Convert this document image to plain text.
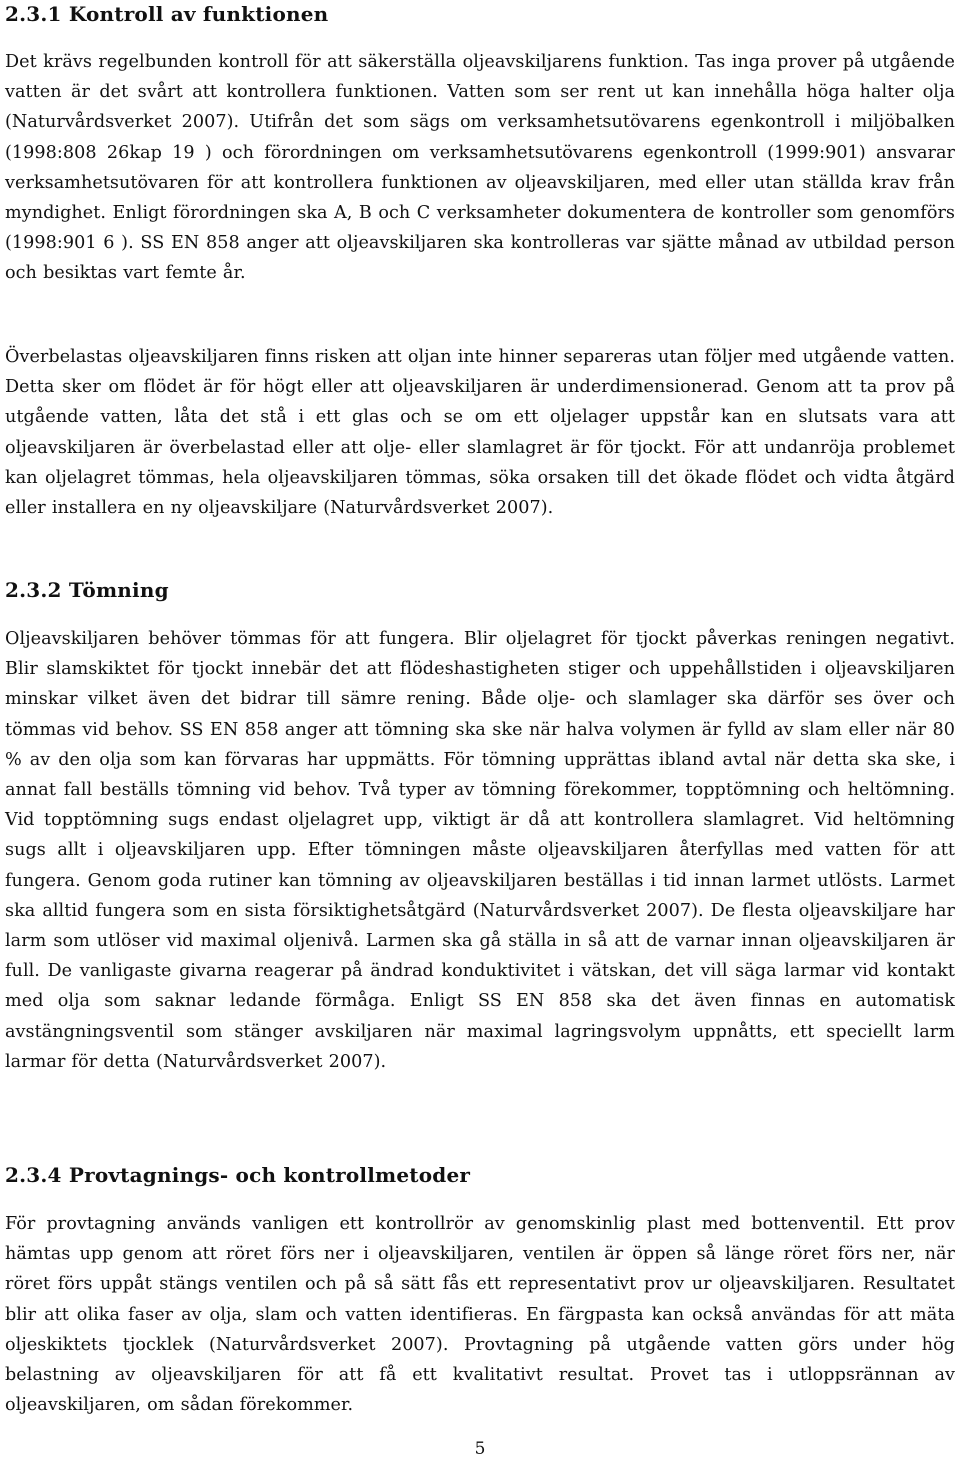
2.3.1 Kontroll av funktionen

Det krävs regelbunden kontroll för att säkerställa oljeavskiljarens funktion. Tas inga prover på utgående vatten är det svårt att kontrollera funktionen. Vatten som ser rent ut kan innehålla höga halter olja (Naturvårdsverket 2007). Utifrån det som sägs om verksamhetsutövarens egenkontroll i miljöbalken (1998:808 26kap 19 ) och förordningen om verksamhetsutövarens egenkontroll (1999:901) ansvarar verksamhetsutövaren för att kontrollera funktionen av oljeavskiljaren, med eller utan ställda krav från myndighet. Enligt förordningen ska A, B och C verksamheter dokumentera de kontroller som genomförs (1998:901 6 ). SS EN 858 anger att oljeavskiljaren ska kontrolleras var sjätte månad av utbildad person och besiktas vart femte år.

Överbelastas oljeavskiljaren finns risken att oljan inte hinner separeras utan följer med utgående vatten. Detta sker om flödet är för högt eller att oljeavskiljaren är underdimensionerad. Genom att ta prov på utgående vatten, låta det stå i ett glas och se om ett oljelager uppstår kan en slutsats vara att oljeavskiljaren är överbelastad eller att olje- eller slamlagret är för tjockt. För att undanröja problemet kan oljelagret tömmas, hela oljeavskiljaren tömmas, söka orsaken till det ökade flödet och vidta åtgärd eller installera en ny oljeavskiljare (Naturvårdsverket 2007).

2.3.2 Tömning

Oljeavskiljaren behöver tömmas för att fungera. Blir oljelagret för tjockt påverkas reningen negativt. Blir slamskiktet för tjockt innebär det att flödeshastigheten stiger och uppehållstiden i oljeavskiljaren minskar vilket även det bidrar till sämre rening. Både olje- och slamlager ska därför ses över och tömmas vid behov. SS EN 858 anger att tömning ska ske när halva volymen är fylld av slam eller när 80 % av den olja som kan förvaras har uppmätts. För tömning upprättas ibland avtal när detta ska ske, i annat fall beställs tömning vid behov. Två typer av tömning förekommer, topptömning och heltömning. Vid topptömning sugs endast oljelagret upp, viktigt är då att kontrollera slamlagret. Vid heltömning sugs allt i oljeavskiljaren upp. Efter tömningen måste oljeavskiljaren återfyllas med vatten för att fungera. Genom goda rutiner kan tömning av oljeavskiljaren beställas i tid innan larmet utlösts. Larmet ska alltid fungera som en sista försiktighetsåtgärd (Naturvårdsverket 2007). De flesta oljeavskiljare har larm som utlöser vid maximal oljenivå. Larmen ska gå ställa in så att de varnar innan oljeavskiljaren är full. De vanligaste givarna reagerar på ändrad konduktivitet i vätskan, det vill säga larmar vid kontakt med olja som saknar ledande förmåga. Enligt SS EN 858 ska det även finnas en automatisk avstängningsventil som stänger avskiljaren när maximal lagringsvolym uppnåtts, ett speciellt larm larmar för detta (Naturvårdsverket 2007).

2.3.4 Provtagnings- och kontrollmetoder

För provtagning används vanligen ett kontrollrör av genomskinlig plast med bottenventil. Ett prov hämtas upp genom att röret förs ner i oljeavskiljaren, ventilen är öppen så länge röret förs ner, när röret förs uppåt stängs ventilen och på så sätt fås ett representativt prov ur oljeavskiljaren. Resultatet blir att olika faser av olja, slam och vatten identifieras. En färgpasta kan också användas för att mäta oljeskiktets tjocklek (Naturvårdsverket 2007). Provtagning på utgående vatten görs under hög belastning av oljeavskiljaren för att få ett kvalitativt resultat. Provet tas i utloppsrännan av oljeavskiljaren, om sådan förekommer.

5
